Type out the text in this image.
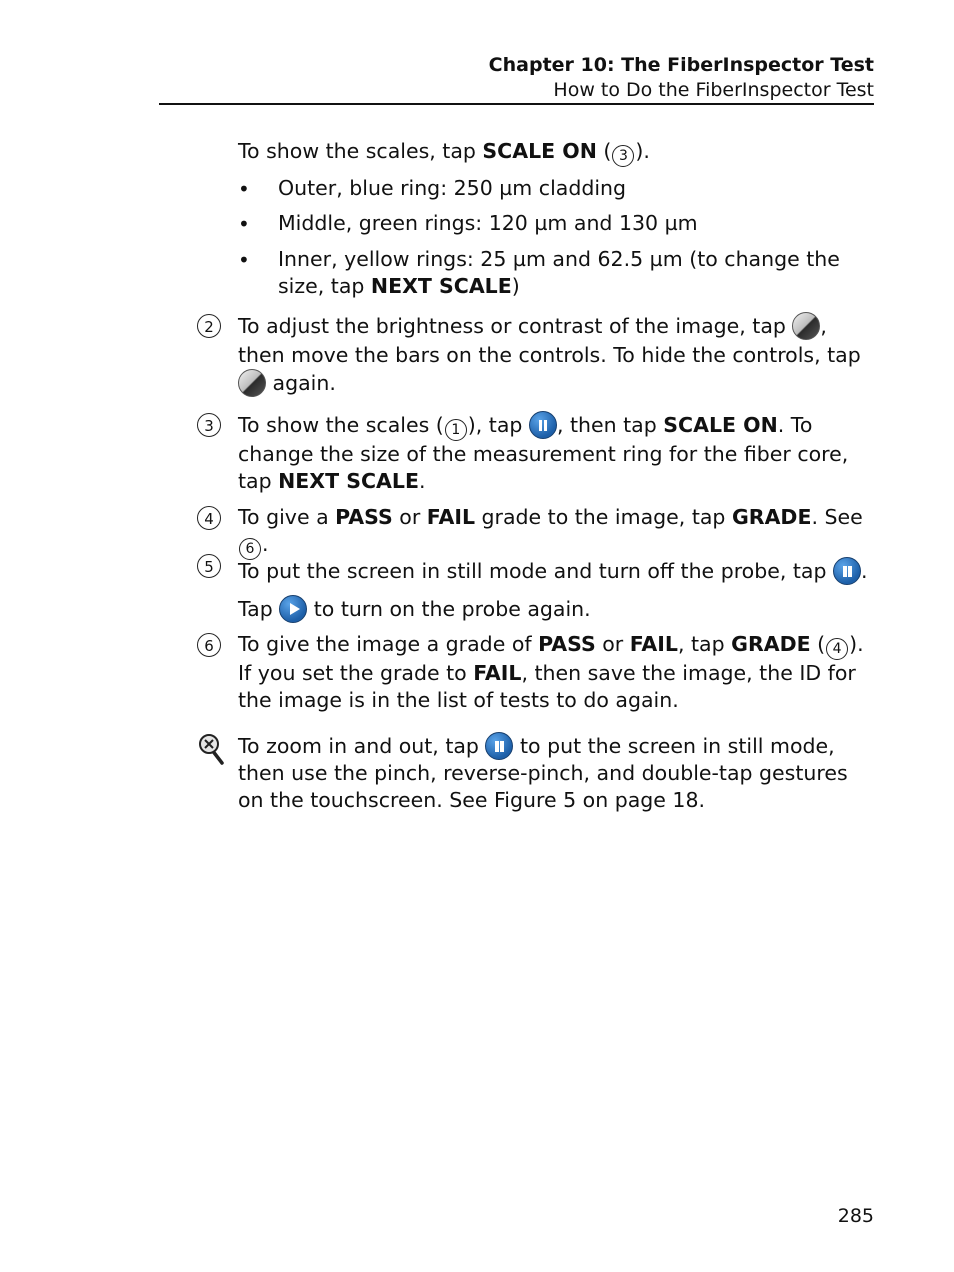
Chapter 10: The FiberInspector Test
How to Do the FiberInspector Test
To show the scales, tap SCALE ON ( 3 ).
• Outer, blue ring: 250 µm cladding
• Middle, green rings: 120 µm and 130 µm
• Inner, yellow rings: 25 µm and 62.5 µm (to change the size, tap NEXT SCALE)
2	To adjust the brightness or contrast of the image, tap , then move the bars on the controls. To hide the controls, tap  again.
3	To show the scales ( 1 ), tap , then tap SCALE ON. To change the size of the measurement ring for the fiber core, tap NEXT SCALE.
4	To give a PASS or FAIL grade to the image, tap GRADE. See 6 .
5	To put the screen in still mode and turn off the probe, tap .
Tap  to turn on the probe again.
6	To give the image a grade of PASS or FAIL, tap GRADE ( 4 ). If you set the grade to FAIL, then save the image, the ID for the image is in the list of tests to do again.
To zoom in and out, tap  to put the screen in still mode, then use the pinch, reverse-pinch, and double-tap gestures on the touchscreen. See Figure 5 on page 18.
285
